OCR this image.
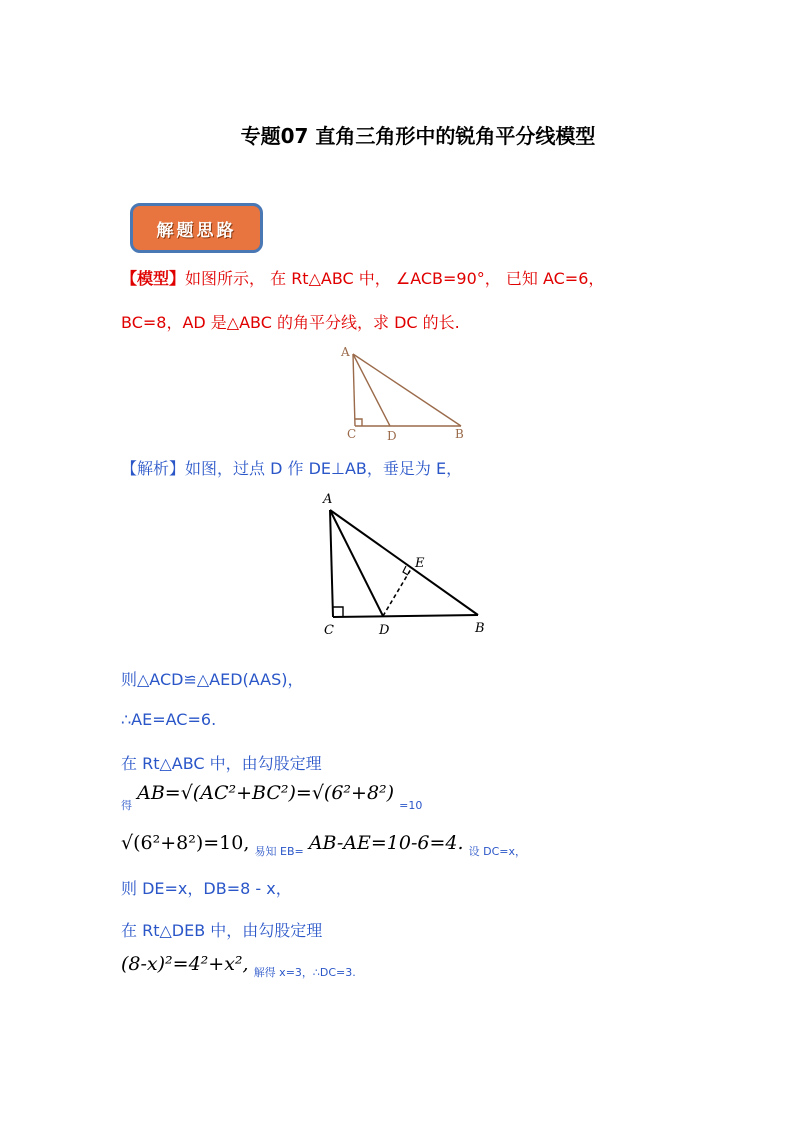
专题07 直角三角形中的锐角平分线模型
解题思路
【模型】如图所示， 在 Rt△ABC 中， ∠ACB=90°， 已知 AC=6，
BC=8，AD 是△ABC 的角平分线，求 DC 的长.
A
C	D	B
【解析】如图，过点 D 作 DE⊥AB，垂足为 E，
A
C	D	B
E
则△ACD≌△AED(AAS)，
∴AE=AC=6.
在 Rt△ABC 中，由勾股定理
$_得$ AB=√(AC²+BC²)=√(6²+8²) $_{=10}$
√(6²+8²)=10, $_{易知 EB=}$ AB-AE=10-6=4. $_{设 DC=x,}$
则 DE=x，DB=8 - x，
在 Rt△DEB 中，由勾股定理
(8-x)²=4²+x², $_{解得 x=3,\therefore DC=3.}$
